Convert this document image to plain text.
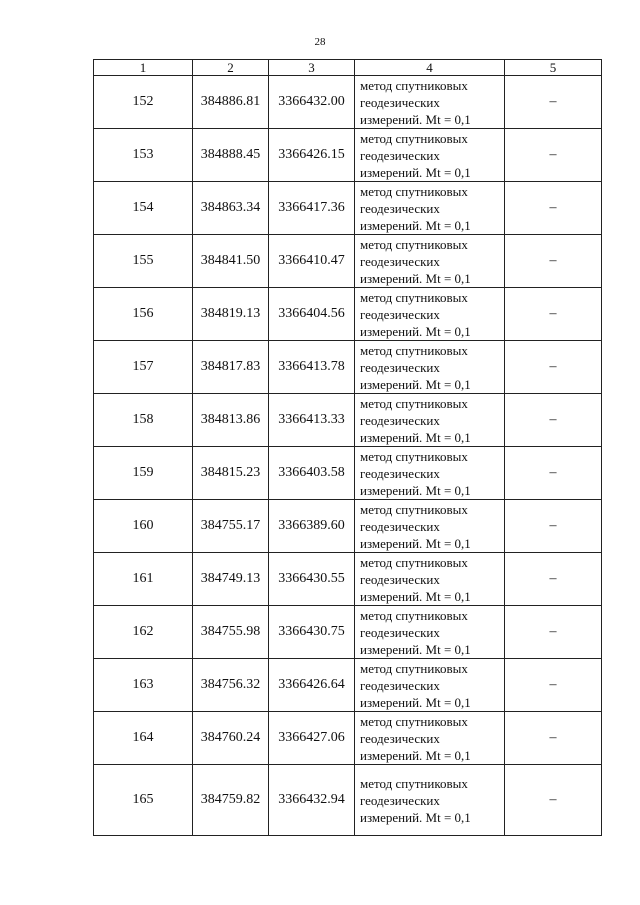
28
1	2	3	4	5
152	384886.81	3366432.00	метод спутниковых
геодезических
измерений. Mt = 0,1	–
153	384888.45	3366426.15	метод спутниковых
геодезических
измерений. Mt = 0,1	–
154	384863.34	3366417.36	метод спутниковых
геодезических
измерений. Mt = 0,1	–
155	384841.50	3366410.47	метод спутниковых
геодезических
измерений. Mt = 0,1	–
156	384819.13	3366404.56	метод спутниковых
геодезических
измерений. Mt = 0,1	–
157	384817.83	3366413.78	метод спутниковых
геодезических
измерений. Mt = 0,1	–
158	384813.86	3366413.33	метод спутниковых
геодезических
измерений. Mt = 0,1	–
159	384815.23	3366403.58	метод спутниковых
геодезических
измерений. Mt = 0,1	–
160	384755.17	3366389.60	метод спутниковых
геодезических
измерений. Mt = 0,1	–
161	384749.13	3366430.55	метод спутниковых
геодезических
измерений. Mt = 0,1	–
162	384755.98	3366430.75	метод спутниковых
геодезических
измерений. Mt = 0,1	–
163	384756.32	3366426.64	метод спутниковых
геодезических
измерений. Mt = 0,1	–
164	384760.24	3366427.06	метод спутниковых
геодезических
измерений. Mt = 0,1	–
165	384759.82	3366432.94	метод спутниковых
геодезических
измерений. Mt = 0,1	–
